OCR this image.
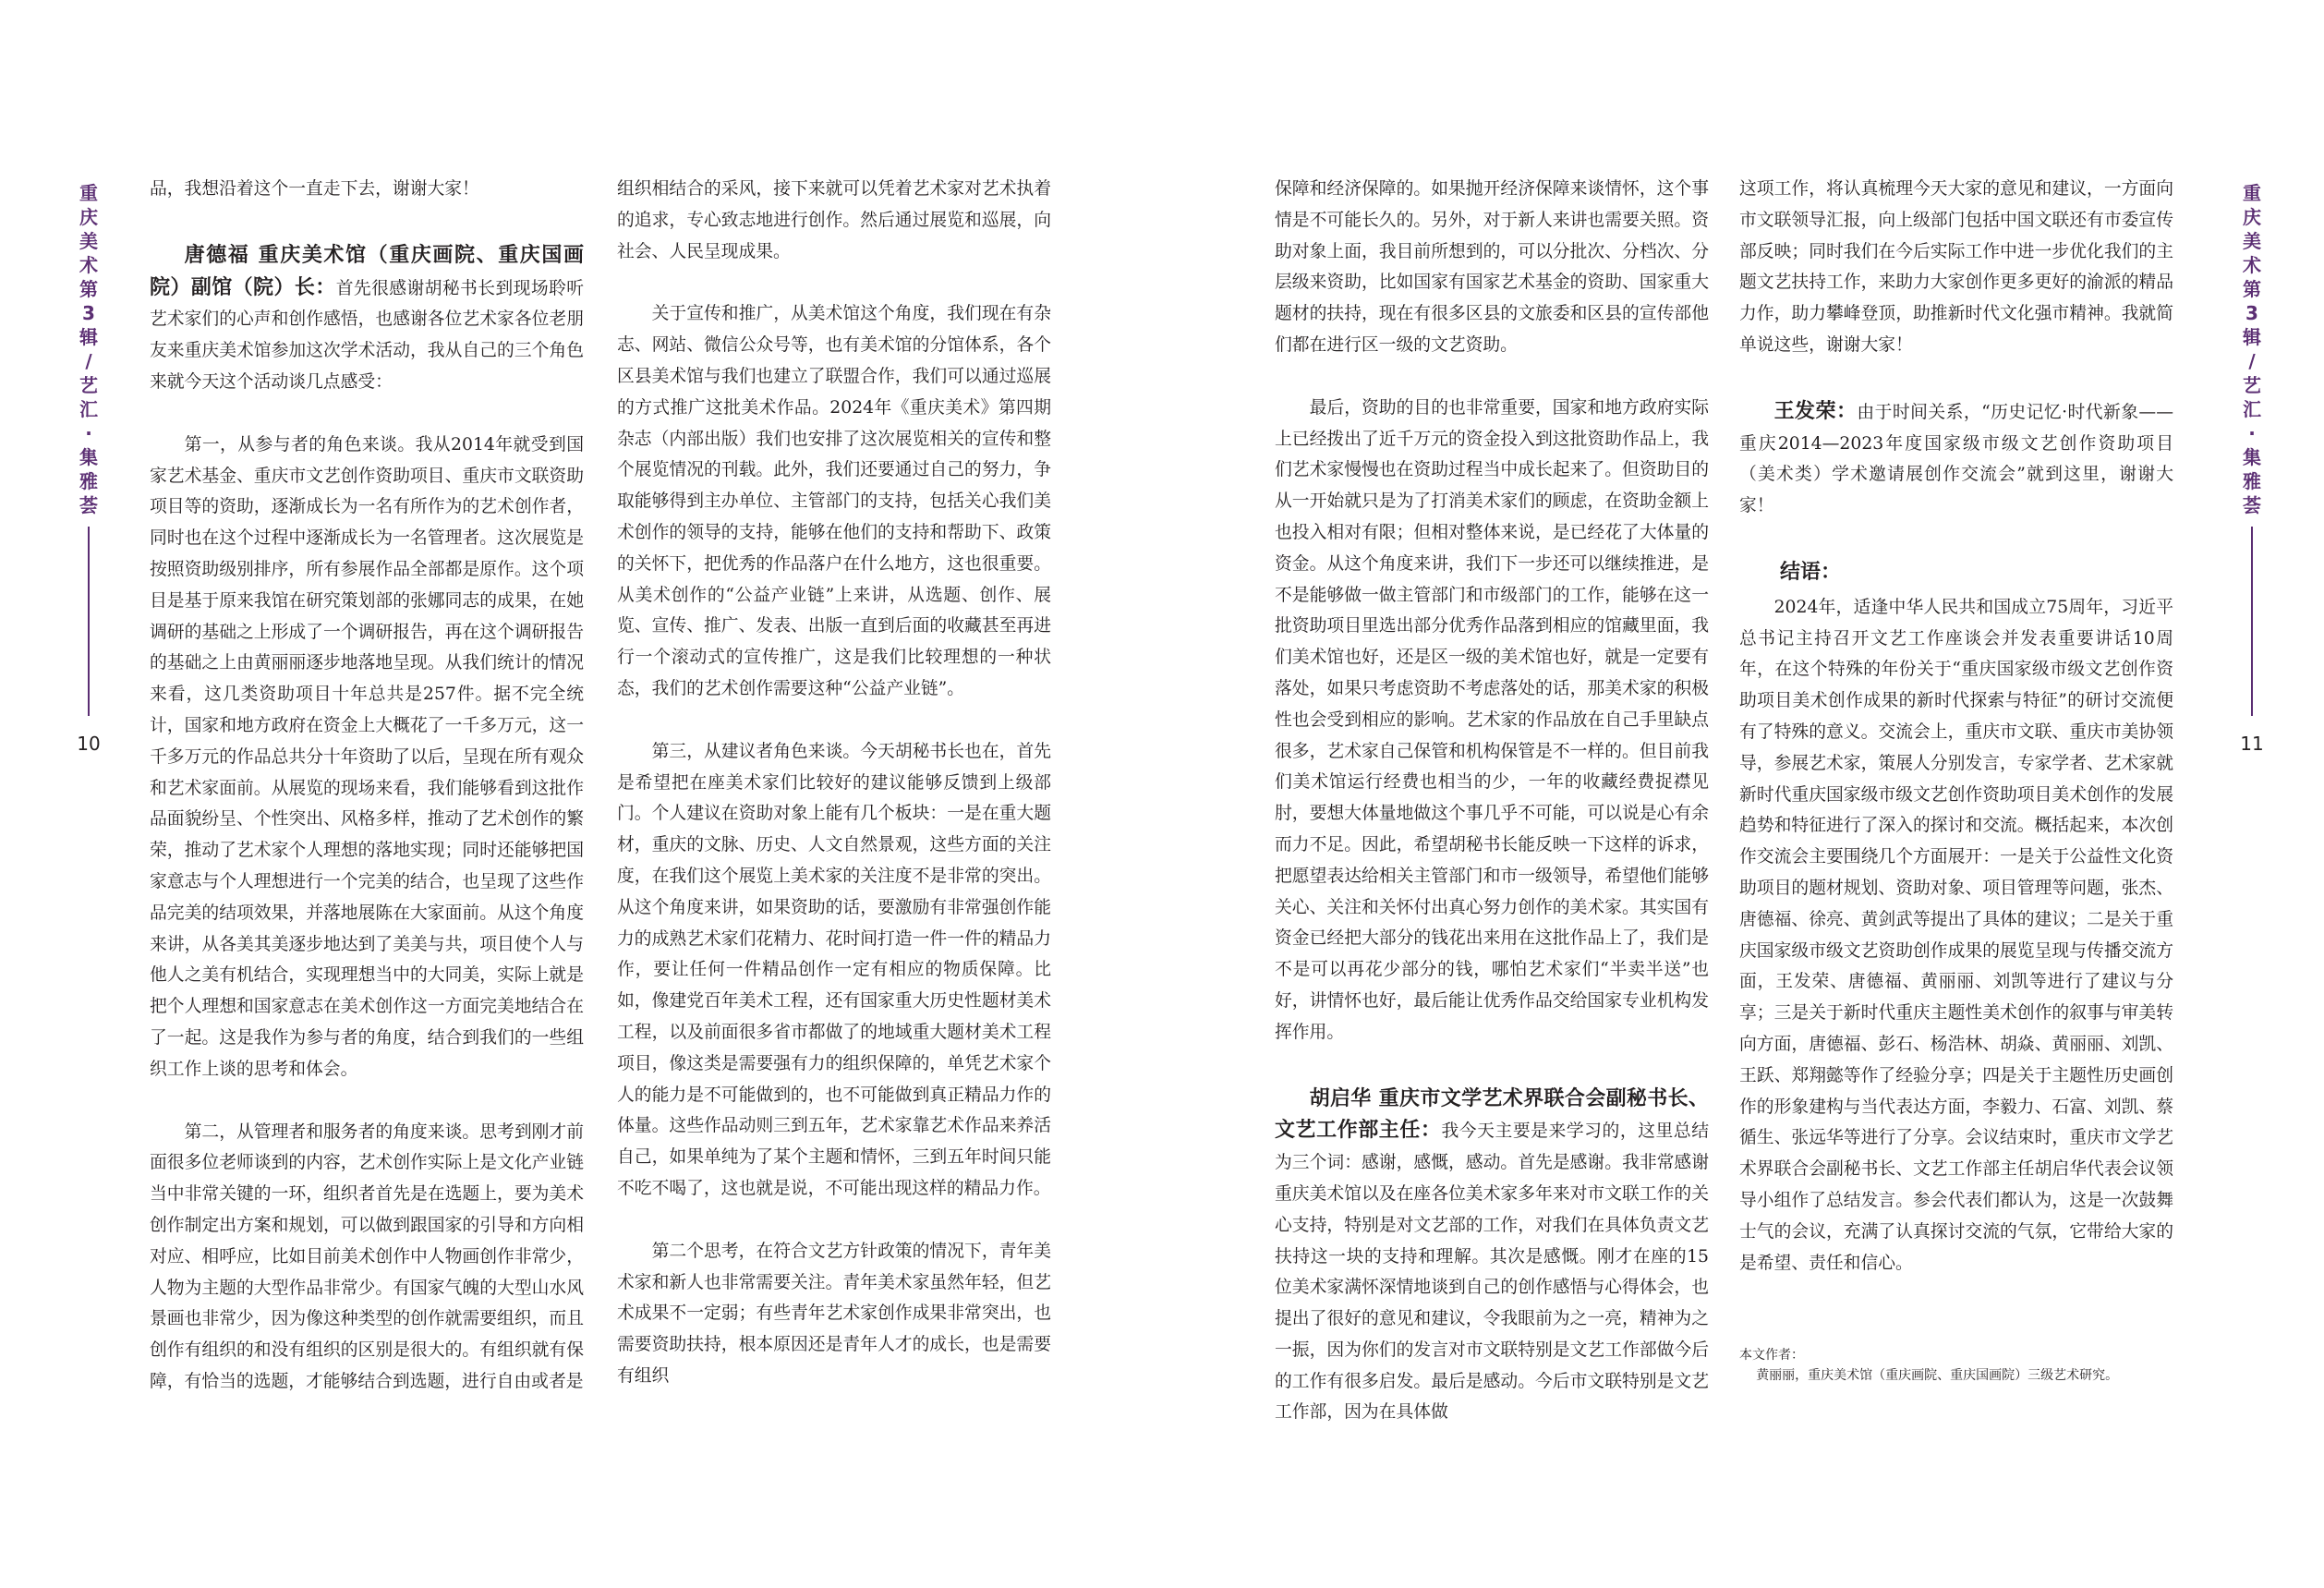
重
庆
美
术
第
3
辑
/
艺
汇
·
集
雅
荟
10

品，我想沿着这个一直走下去，谢谢大家！

唐德福 重庆美术馆（重庆画院、重庆国画院）副馆（院）长：首先很感谢胡秘书长到现场聆听艺术家们的心声和创作感悟，也感谢各位艺术家各位老朋友来重庆美术馆参加这次学术活动，我从自己的三个角色来就今天这个活动谈几点感受：

第一，从参与者的角色来谈。我从2014年就受到国家艺术基金、重庆市文艺创作资助项目、重庆市文联资助项目等的资助，逐渐成长为一名有所作为的艺术创作者，同时也在这个过程中逐渐成长为一名管理者。这次展览是按照资助级别排序，所有参展作品全部都是原作。这个项目是基于原来我馆在研究策划部的张娜同志的成果，在她调研的基础之上形成了一个调研报告，再在这个调研报告的基础之上由黄丽丽逐步地落地呈现。从我们统计的情况来看，这几类资助项目十年总共是257件。据不完全统计，国家和地方政府在资金上大概花了一千多万元，这一千多万元的作品总共分十年资助了以后，呈现在所有观众和艺术家面前。从展览的现场来看，我们能够看到这批作品面貌纷呈、个性突出、风格多样，推动了艺术创作的繁荣，推动了艺术家个人理想的落地实现；同时还能够把国家意志与个人理想进行一个完美的结合，也呈现了这些作品完美的结项效果，并落地展陈在大家面前。从这个角度来讲，从各美其美逐步地达到了美美与共，项目使个人与他人之美有机结合，实现理想当中的大同美，实际上就是把个人理想和国家意志在美术创作这一方面完美地结合在了一起。这是我作为参与者的角度，结合到我们的一些组织工作上谈的思考和体会。

第二，从管理者和服务者的角度来谈。思考到刚才前面很多位老师谈到的内容，艺术创作实际上是文化产业链当中非常关键的一环，组织者首先是在选题上，要为美术创作制定出方案和规划，可以做到跟国家的引导和方向相对应、相呼应，比如目前美术创作中人物画创作非常少，人物为主题的大型作品非常少。有国家气魄的大型山水风景画也非常少，因为像这种类型的创作就需要组织，而且创作有组织的和没有组织的区别是很大的。有组织就有保障，有恰当的选题，才能够结合到选题，进行自由或者是

组织相结合的采风，接下来就可以凭着艺术家对艺术执着的追求，专心致志地进行创作。然后通过展览和巡展，向社会、人民呈现成果。

关于宣传和推广，从美术馆这个角度，我们现在有杂志、网站、微信公众号等，也有美术馆的分馆体系，各个区县美术馆与我们也建立了联盟合作，我们可以通过巡展的方式推广这批美术作品。2024年《重庆美术》第四期杂志（内部出版）我们也安排了这次展览相关的宣传和整个展览情况的刊载。此外，我们还要通过自己的努力，争取能够得到主办单位、主管部门的支持，包括关心我们美术创作的领导的支持，能够在他们的支持和帮助下、政策的关怀下，把优秀的作品落户在什么地方，这也很重要。从美术创作的“公益产业链”上来讲，从选题、创作、展览、宣传、推广、发表、出版一直到后面的收藏甚至再进行一个滚动式的宣传推广，这是我们比较理想的一种状态，我们的艺术创作需要这种“公益产业链”。

第三，从建议者角色来谈。今天胡秘书长也在，首先是希望把在座美术家们比较好的建议能够反馈到上级部门。个人建议在资助对象上能有几个板块：一是在重大题材，重庆的文脉、历史、人文自然景观，这些方面的关注度，在我们这个展览上美术家的关注度不是非常的突出。从这个角度来讲，如果资助的话，要激励有非常强创作能力的成熟艺术家们花精力、花时间打造一件一件的精品力作，要让任何一件精品创作一定有相应的物质保障。比如，像建党百年美术工程，还有国家重大历史性题材美术工程，以及前面很多省市都做了的地域重大题材美术工程项目，像这类是需要强有力的组织保障的，单凭艺术家个人的能力是不可能做到的，也不可能做到真正精品力作的体量。这些作品动则三到五年，艺术家靠艺术作品来养活自己，如果单纯为了某个主题和情怀，三到五年时间只能不吃不喝了，这也就是说，不可能出现这样的精品力作。

第二个思考，在符合文艺方针政策的情况下，青年美术家和新人也非常需要关注。青年美术家虽然年轻，但艺术成果不一定弱；有些青年艺术家创作成果非常突出，也需要资助扶持，根本原因还是青年人才的成长，也是需要有组织

保障和经济保障的。如果抛开经济保障来谈情怀，这个事情是不可能长久的。另外，对于新人来讲也需要关照。资助对象上面，我目前所想到的，可以分批次、分档次、分层级来资助，比如国家有国家艺术基金的资助、国家重大题材的扶持，现在有很多区县的文旅委和区县的宣传部他们都在进行区一级的文艺资助。

最后，资助的目的也非常重要，国家和地方政府实际上已经拨出了近千万元的资金投入到这批资助作品上，我们艺术家慢慢也在资助过程当中成长起来了。但资助目的从一开始就只是为了打消美术家们的顾虑，在资助金额上也投入相对有限；但相对整体来说，是已经花了大体量的资金。从这个角度来讲，我们下一步还可以继续推进，是不是能够做一做主管部门和市级部门的工作，能够在这一批资助项目里选出部分优秀作品落到相应的馆藏里面，我们美术馆也好，还是区一级的美术馆也好，就是一定要有落处，如果只考虑资助不考虑落处的话，那美术家的积极性也会受到相应的影响。艺术家的作品放在自己手里缺点很多，艺术家自己保管和机构保管是不一样的。但目前我们美术馆运行经费也相当的少，一年的收藏经费捉襟见肘，要想大体量地做这个事几乎不可能，可以说是心有余而力不足。因此，希望胡秘书长能反映一下这样的诉求，把愿望表达给相关主管部门和市一级领导，希望他们能够关心、关注和关怀付出真心努力创作的美术家。其实国有资金已经把大部分的钱花出来用在这批作品上了，我们是不是可以再花少部分的钱，哪怕艺术家们“半卖半送”也好，讲情怀也好，最后能让优秀作品交给国家专业机构发挥作用。

胡启华 重庆市文学艺术界联合会副秘书长、文艺工作部主任：我今天主要是来学习的，这里总结为三个词：感谢，感慨，感动。首先是感谢。我非常感谢重庆美术馆以及在座各位美术家多年来对市文联工作的关心支持，特别是对文艺部的工作，对我们在具体负责文艺扶持这一块的支持和理解。其次是感慨。刚才在座的15位美术家满怀深情地谈到自己的创作感悟与心得体会，也提出了很好的意见和建议，令我眼前为之一亮，精神为之一振，因为你们的发言对市文联特别是文艺工作部做今后的工作有很多启发。最后是感动。今后市文联特别是文艺工作部，因为在具体做

这项工作，将认真梳理今天大家的意见和建议，一方面向市文联领导汇报，向上级部门包括中国文联还有市委宣传部反映；同时我们在今后实际工作中进一步优化我们的主题文艺扶持工作，来助力大家创作更多更好的渝派的精品力作，助力攀峰登顶，助推新时代文化强市精神。我就简单说这些，谢谢大家！

王发荣：由于时间关系，“历史记忆·时代新象——重庆2014—2023年度国家级市级文艺创作资助项目（美术类）学术邀请展创作交流会”就到这里，谢谢大家！

结语：

2024年，适逢中华人民共和国成立75周年，习近平总书记主持召开文艺工作座谈会并发表重要讲话10周年，在这个特殊的年份关于“重庆国家级市级文艺创作资助项目美术创作成果的新时代探索与特征”的研讨交流便有了特殊的意义。交流会上，重庆市文联、重庆市美协领导，参展艺术家，策展人分别发言，专家学者、艺术家就新时代重庆国家级市级文艺创作资助项目美术创作的发展趋势和特征进行了深入的探讨和交流。概括起来，本次创作交流会主要围绕几个方面展开：一是关于公益性文化资助项目的题材规划、资助对象、项目管理等问题，张杰、唐德福、徐亮、黄剑武等提出了具体的建议；二是关于重庆国家级市级文艺资助创作成果的展览呈现与传播交流方面，王发荣、唐德福、黄丽丽、刘凯等进行了建议与分享；三是关于新时代重庆主题性美术创作的叙事与审美转向方面，唐德福、彭石、杨浩林、胡焱、黄丽丽、刘凯、王跃、郑翔懿等作了经验分享；四是关于主题性历史画创作的形象建构与当代表达方面，李毅力、石富、刘凯、蔡循生、张远华等进行了分享。会议结束时，重庆市文学艺术界联合会副秘书长、文艺工作部主任胡启华代表会议领导小组作了总结发言。参会代表们都认为，这是一次鼓舞士气的会议，充满了认真探讨交流的气氛，它带给大家的是希望、责任和信心。

本文作者：
黄丽丽，重庆美术馆（重庆画院、重庆国画院）三级艺术研究。
重
庆
美
术
第
3
辑
/
艺
汇
·
集
雅
荟
11
